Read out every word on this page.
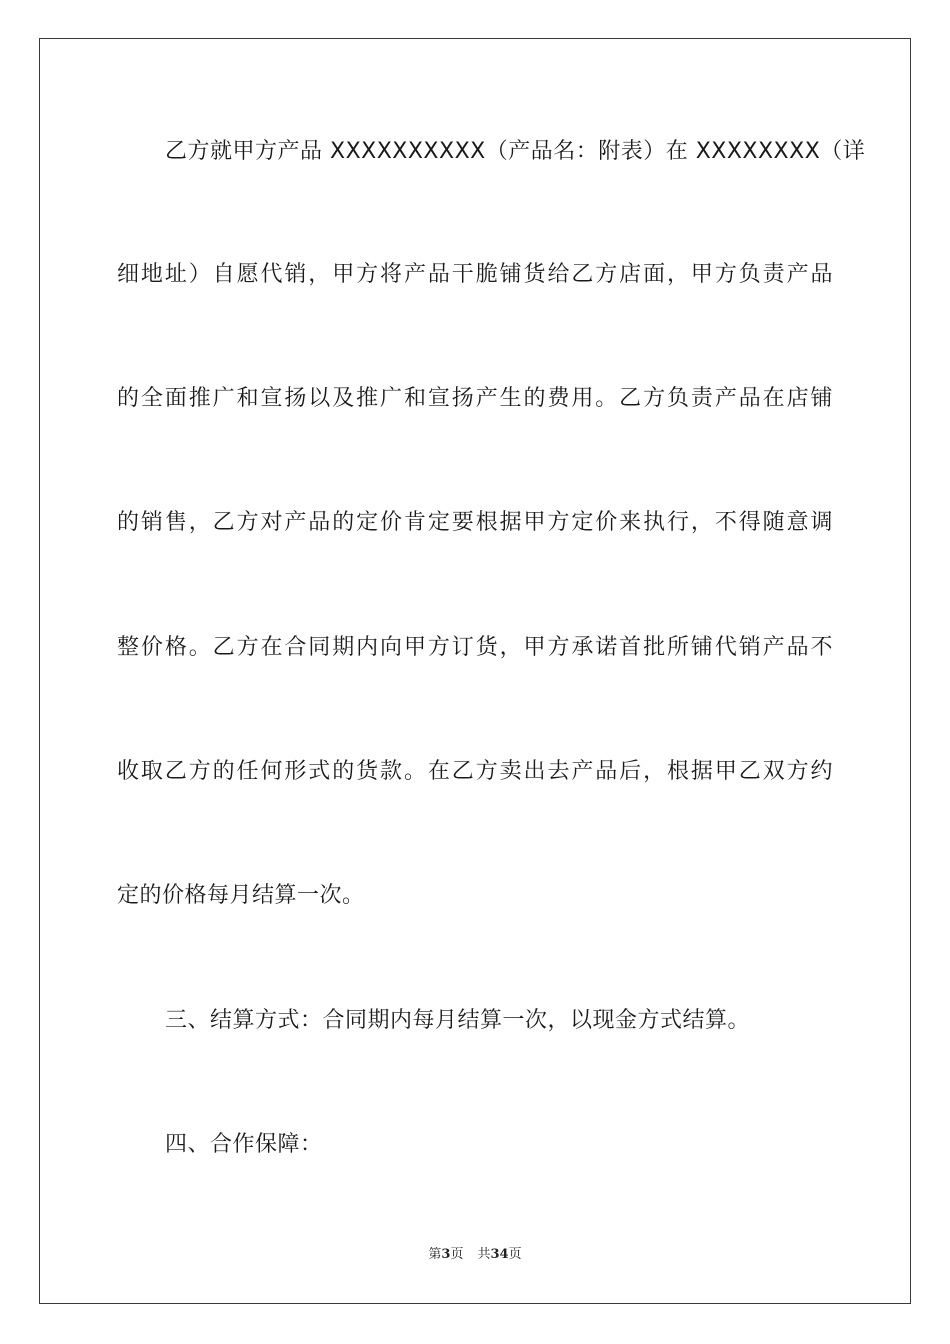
乙方就甲方产品 XXXXXXXXXX（产品名：附表）在 XXXXXXXX（详
细地址）自愿代销，甲方将产品干脆铺货给乙方店面，甲方负责产品
的全面推广和宣扬以及推广和宣扬产生的费用。乙方负责产品在店铺
的销售，乙方对产品的定价肯定要根据甲方定价来执行，不得随意调
整价格。乙方在合同期内向甲方订货，甲方承诺首批所铺代销产品不
收取乙方的任何形式的货款。在乙方卖出去产品后，根据甲乙双方约
定的价格每月结算一次。
三、结算方式：合同期内每月结算一次，以现金方式结算。
四、合作保障：
第3页 共34页
